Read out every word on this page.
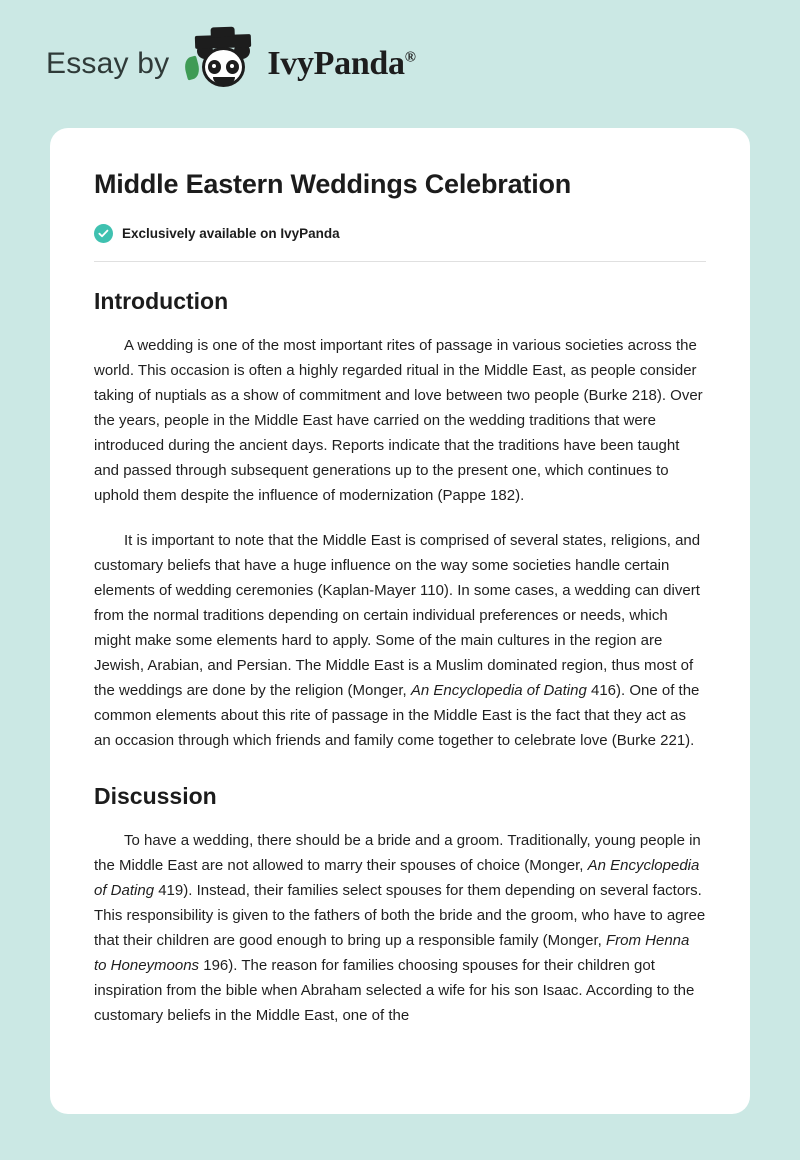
Essay by	IvyPanda®
Middle Eastern Weddings Celebration
Exclusively available on IvyPanda
Introduction

A wedding is one of the most important rites of passage in various societies across the world. This occasion is often a highly regarded ritual in the Middle East, as people consider taking of nuptials as a show of commitment and love between two people (Burke 218). Over the years, people in the Middle East have carried on the wedding traditions that were introduced during the ancient days. Reports indicate that the traditions have been taught and passed through subsequent generations up to the present one, which continues to uphold them despite the influence of modernization (Pappe 182).

It is important to note that the Middle East is comprised of several states, religions, and customary beliefs that have a huge influence on the way some societies handle certain elements of wedding ceremonies (Kaplan-Mayer 110). In some cases, a wedding can divert from the normal traditions depending on certain individual preferences or needs, which might make some elements hard to apply. Some of the main cultures in the region are Jewish, Arabian, and Persian. The Middle East is a Muslim dominated region, thus most of the weddings are done by the religion (Monger, An Encyclopedia of Dating 416). One of the common elements about this rite of passage in the Middle East is the fact that they act as an occasion through which friends and family come together to celebrate love (Burke 221).

Discussion

To have a wedding, there should be a bride and a groom. Traditionally, young people in the Middle East are not allowed to marry their spouses of choice (Monger, An Encyclopedia of Dating 419). Instead, their families select spouses for them depending on several factors. This responsibility is given to the fathers of both the bride and the groom, who have to agree that their children are good enough to bring up a responsible family (Monger, From Henna to Honeymoons 196). The reason for families choosing spouses for their children got inspiration from the bible when Abraham selected a wife for his son Isaac. According to the customary beliefs in the Middle East, one of the
